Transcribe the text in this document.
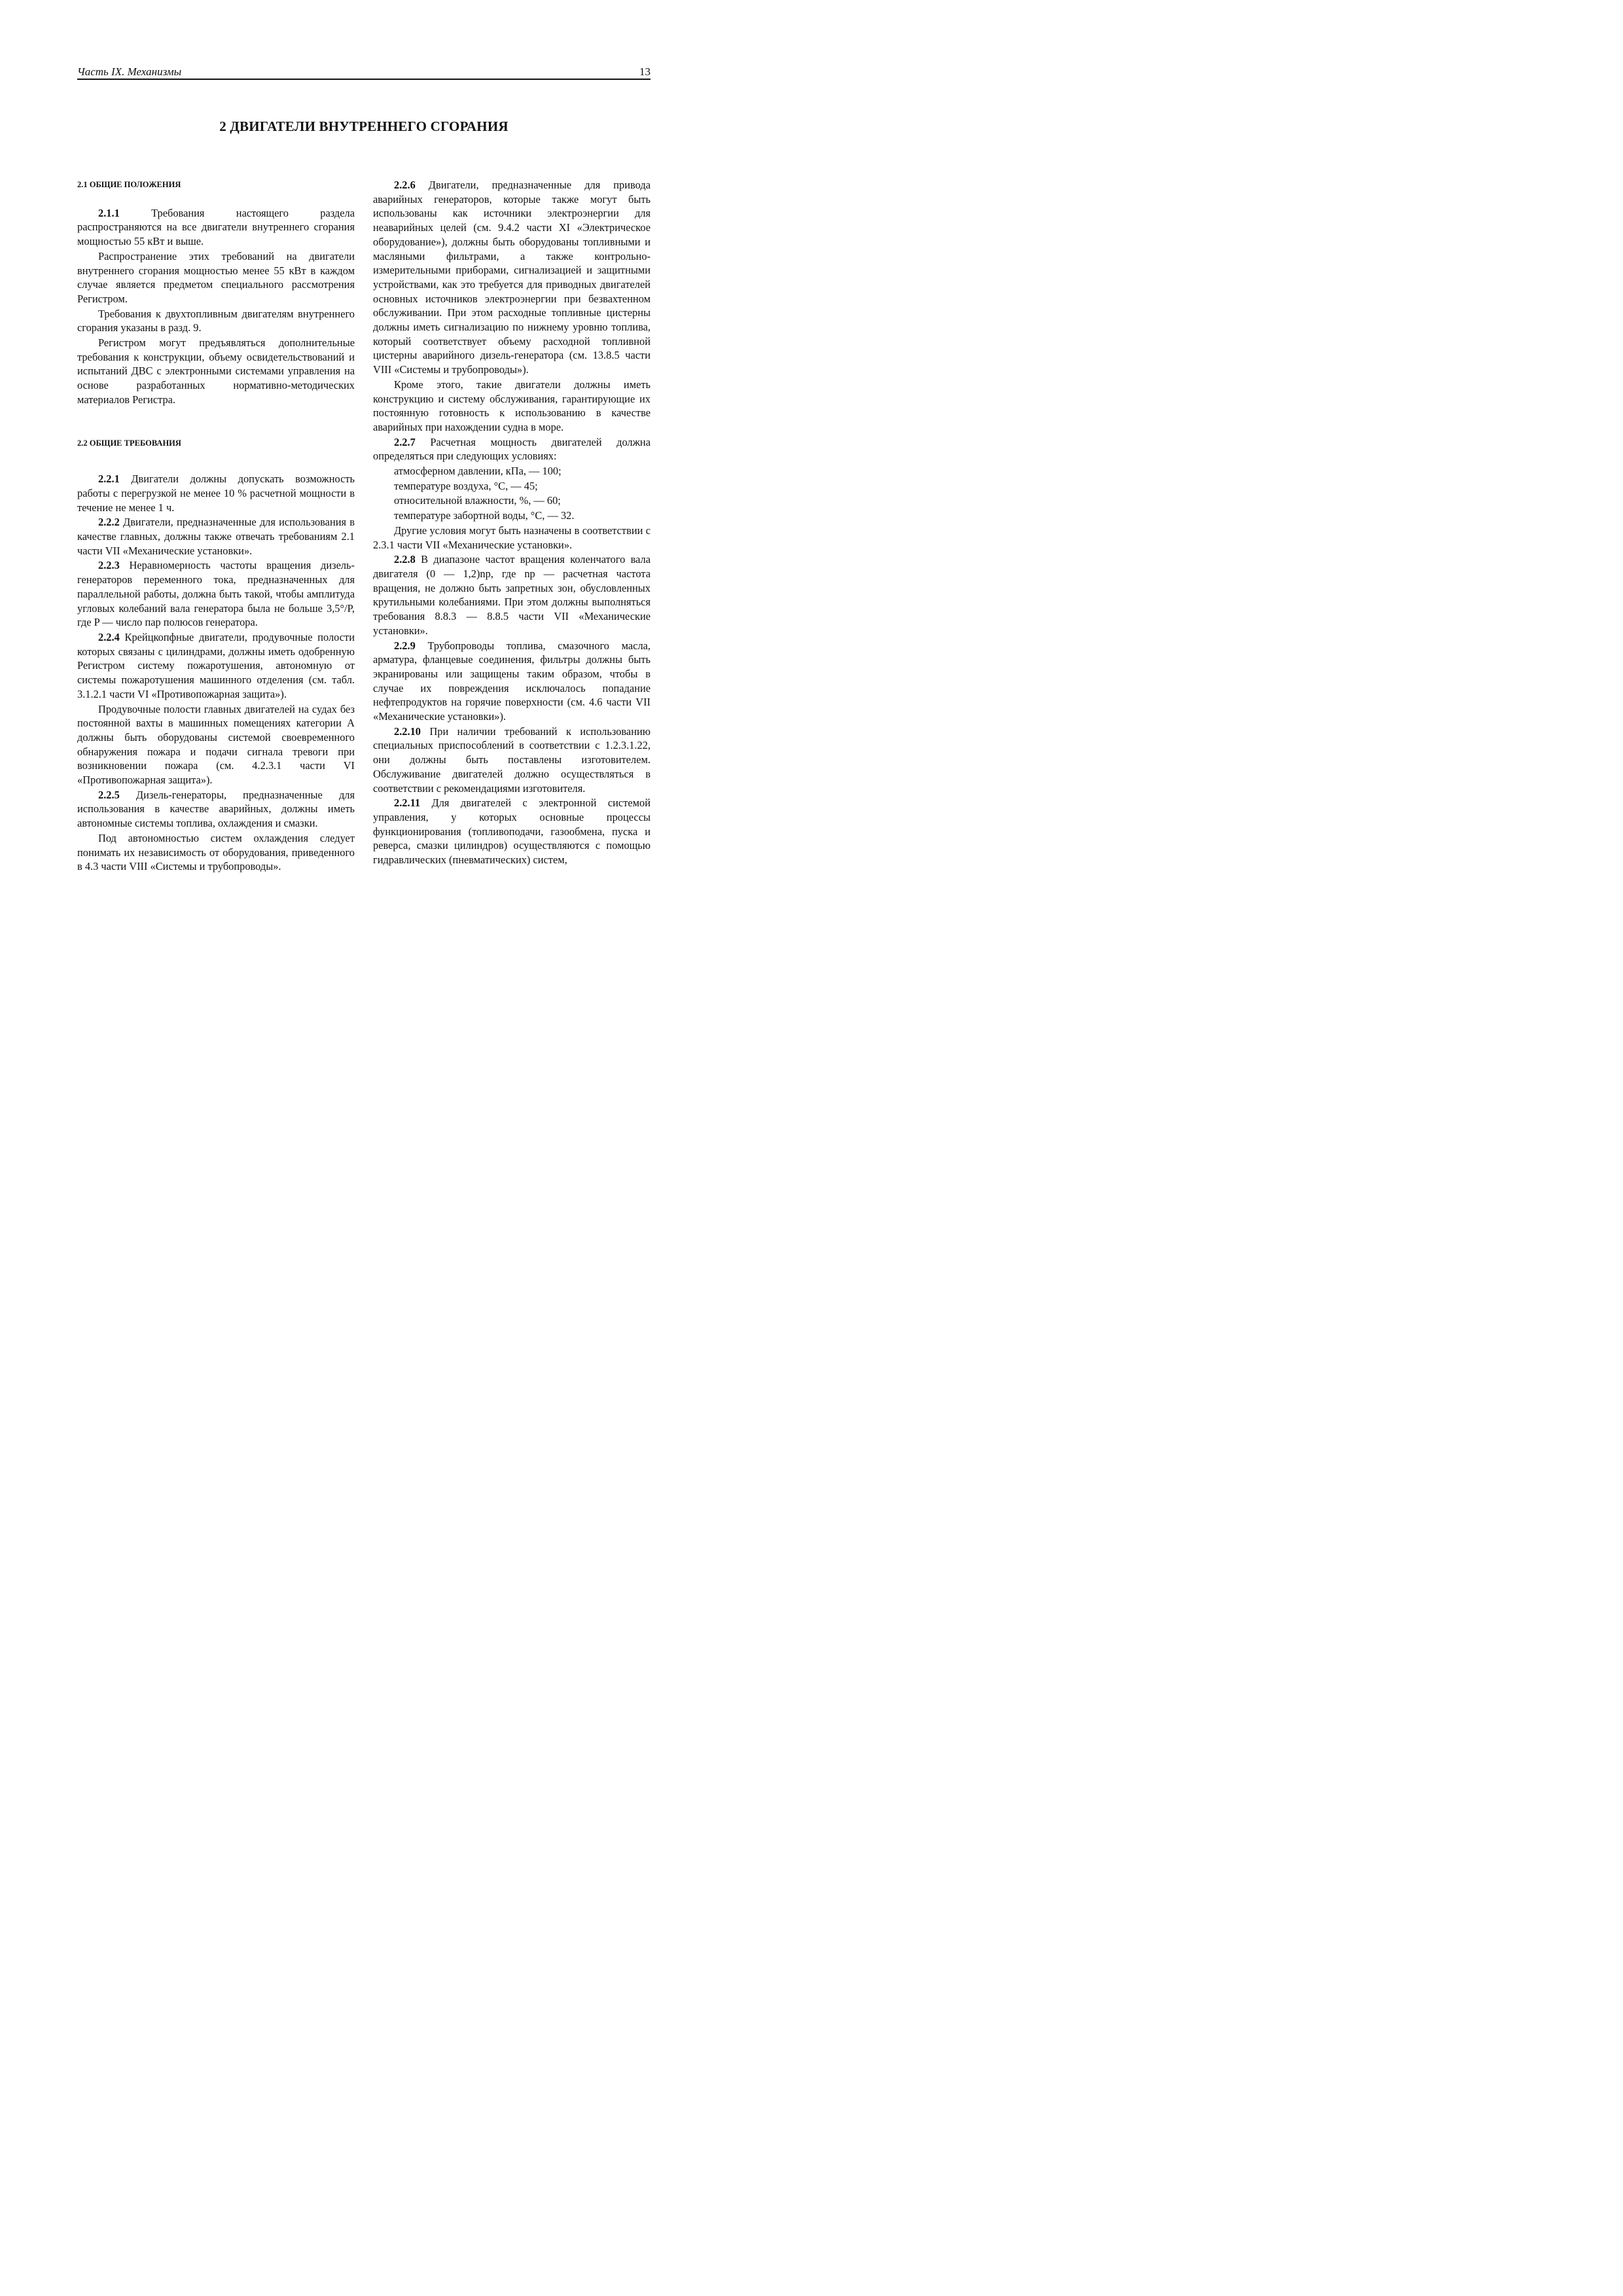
Часть IX. Механизмы	13
2 ДВИГАТЕЛИ ВНУТРЕННЕГО СГОРАНИЯ

2.1 ОБЩИЕ ПОЛОЖЕНИЯ

2.1.1	Требования настоящего раздела распространяются на все двигатели внутреннего сгорания мощностью 55 кВт и выше.

Распространение этих требований на двигатели внутреннего сгорания мощностью менее 55 кВт в каждом случае является предметом специального рассмотрения Регистром.

Требования к двухтопливным двигателям внутреннего сгорания указаны в разд. 9.

Регистром могут предъявляться дополнительные требования к конструкции, объему освидетельствований и испытаний ДВС с электронными системами управления на основе разработанных нормативно-методических материалов Регистра.

2.2 ОБЩИЕ ТРЕБОВАНИЯ

2.2.1 Двигатели должны допускать возможность работы с перегрузкой не менее 10 % расчетной мощности в течение не менее 1 ч.

2.2.2 Двигатели, предназначенные для использования в качестве главных, должны также отвечать требованиям 2.1 части VII «Механические установки».

2.2.3 Неравномерность частоты вращения дизель-генераторов переменного тока, предназначенных для параллельной работы, должна быть такой, чтобы амплитуда угловых колебаний вала генератора была не больше 3,5°/P, где P — число пар полюсов генератора.

2.2.4 Крейцкопфные двигатели, продувочные полости которых связаны с цилиндрами, должны иметь одобренную Регистром систему пожаротушения, автономную от системы пожаротушения машинного отделения (см. табл. 3.1.2.1 части VI «Противопожарная защита»).

Продувочные полости главных двигателей на судах без постоянной вахты в машинных помещениях категории А должны быть оборудованы системой своевременного обнаружения пожара и подачи сигнала тревоги при возникновении пожара (см. 4.2.3.1 части VI «Противопожарная защита»).

2.2.5 Дизель-генераторы, предназначенные для использования в качестве аварийных, должны иметь автономные системы топлива, охлаждения и смазки.

Под автономностью систем охлаждения следует понимать их независимость от оборудования, приведенного в 4.3 части VIII «Системы и трубопроводы».

2.2.6 Двигатели, предназначенные для привода аварийных генераторов, которые также могут быть использованы как источники электроэнергии для неаварийных целей (см. 9.4.2 части XI «Электрическое оборудование»), должны быть оборудованы топливными и масляными фильтрами, а также контрольно-измерительными приборами, сигнализацией и защитными устройствами, как это требуется для приводных двигателей основных источников электроэнергии при безвахтенном обслуживании. При этом расходные топливные цистерны должны иметь сигнализацию по нижнему уровню топлива, который соответствует объему расходной топливной цистерны аварийного дизель-генератора (см. 13.8.5 части VIII «Системы и трубопроводы»).

Кроме этого, такие двигатели должны иметь конструкцию и систему обслуживания, гарантирующие их постоянную готовность к использованию в качестве аварийных при нахождении судна в море.

2.2.7 Расчетная мощность двигателей должна определяться при следующих условиях:

атмосферном давлении, кПа, — 100;

температуре воздуха, °С, — 45;

относительной влажности, %, — 60;

температуре забортной воды, °С, — 32.

Другие условия могут быть назначены в соответствии с 2.3.1 части VII «Механические установки».

2.2.8 В диапазоне частот вращения коленчатого вала двигателя (0 — 1,2)nр, где nр — расчетная частота вращения, не должно быть запретных зон, обусловленных крутильными колебаниями. При этом должны выполняться требования 8.8.3 — 8.8.5 части VII «Механические установки».

2.2.9 Трубопроводы топлива, смазочного масла, арматура, фланцевые соединения, фильтры должны быть экранированы или защищены таким образом, чтобы в случае их повреждения исключалось попадание нефтепродуктов на горячие поверхности (см. 4.6 части VII «Механические установки»).

2.2.10 При наличии требований к использованию специальных приспособлений в соответствии с 1.2.3.1.22, они должны быть поставлены изготовителем. Обслуживание двигателей должно осуществляться в соответствии с рекомендациями изготовителя.

2.2.11 Для двигателей с электронной системой управления, у которых основные процессы функционирования (топливоподачи, газообмена, пуска и реверса, смазки цилиндров) осуществляются с помощью гидравлических (пневматических) систем,
